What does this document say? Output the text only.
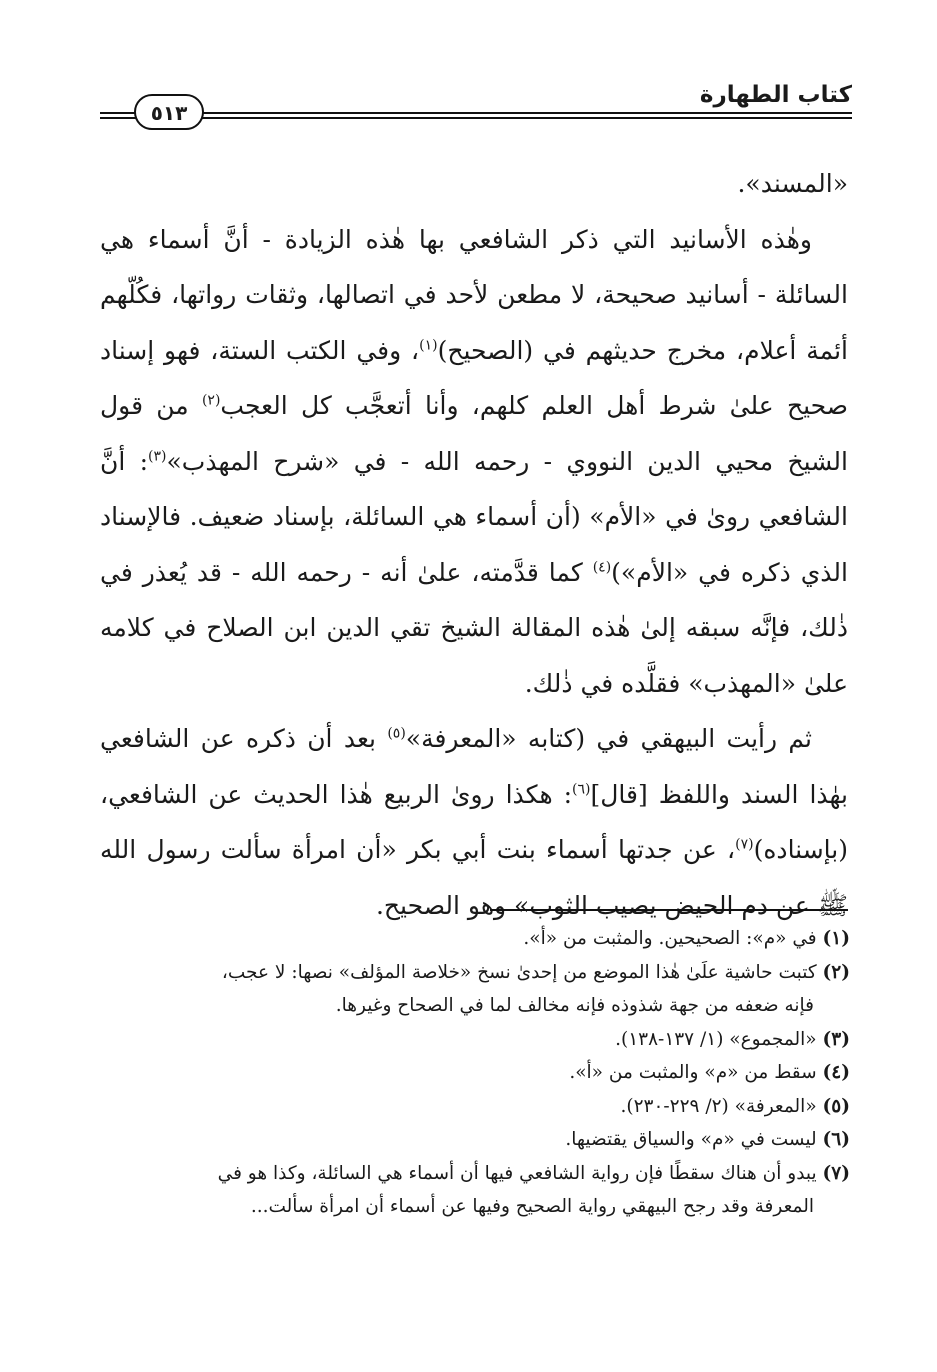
كتاب الطهارة
٥١٣

«المسند».

وهٰذه الأسانيد التي ذكر الشافعي بها هٰذه الزيادة - أنَّ أسماء هي السائلة - أسانيد صحيحة، لا مطعن لأحد في اتصالها، وثقات رواتها، فكُلّهم أئمة أعلام، مخرج حديثهم في (الصحيح)$^{(١)}$، وفي الكتب الستة، فهو إسناد صحيح علىٰ شرط أهل العلم كلهم، وأنا أتعجَّب كل العجب$^{(٢)}$ من قول الشيخ محيي الدين النووي - رحمه الله - في «شرح المهذب»$^{(٣)}$: أنَّ الشافعي روىٰ في «الأم» (أن أسماء هي السائلة، بإسناد ضعيف. فالإسناد الذي ذكره في «الأم»)$^{(٤)}$ كما قدَّمته، علىٰ أنه - رحمه الله - قد يُعذر في ذٰلك، فإنَّه سبقه إلىٰ هٰذه المقالة الشيخ تقي الدين ابن الصلاح في كلامه علىٰ «المهذب» فقلَّده في ذٰلك.

ثم رأيت البيهقي في (كتابه «المعرفة»$^{(٥)}$ بعد أن ذكره عن الشافعي بهٰذا السند واللفظ [قال]$^{(٦)}$: هكذا روىٰ الربيع هٰذا الحديث عن الشافعي، (بإسناده)$^{(٧)}$، عن جدتها أسماء بنت أبي بكر «أن امرأة سألت رسول الله ﷺ عن دم الحيض يصيب الثوب» وهو الصحيح.

(١) في «م»: الصحيحين. والمثبت من «أ».

(٢) كتبت حاشية علَىٰ هٰذا الموضع من إحدىٰ نسخ «خلاصة المؤلف» نصها: لا عجب،

فإنه ضعفه من جهة شذوذه فإنه مخالف لما في الصحاح وغيرها.

(٣) «المجموع» (١/ ١٣٧-١٣٨).

(٤) سقط من «م» والمثبت من «أ».

(٥) «المعرفة» (٢/ ٢٢٩-٢٣٠).

(٦) ليست في «م» والسياق يقتضيها.

(٧) يبدو أن هناك سقطًا فإن رواية الشافعي فيها أن أسماء هي السائلة، وكذا هو في

المعرفة وقد رجح البيهقي رواية الصحيح وفيها عن أسماء أن امرأة سألت...
